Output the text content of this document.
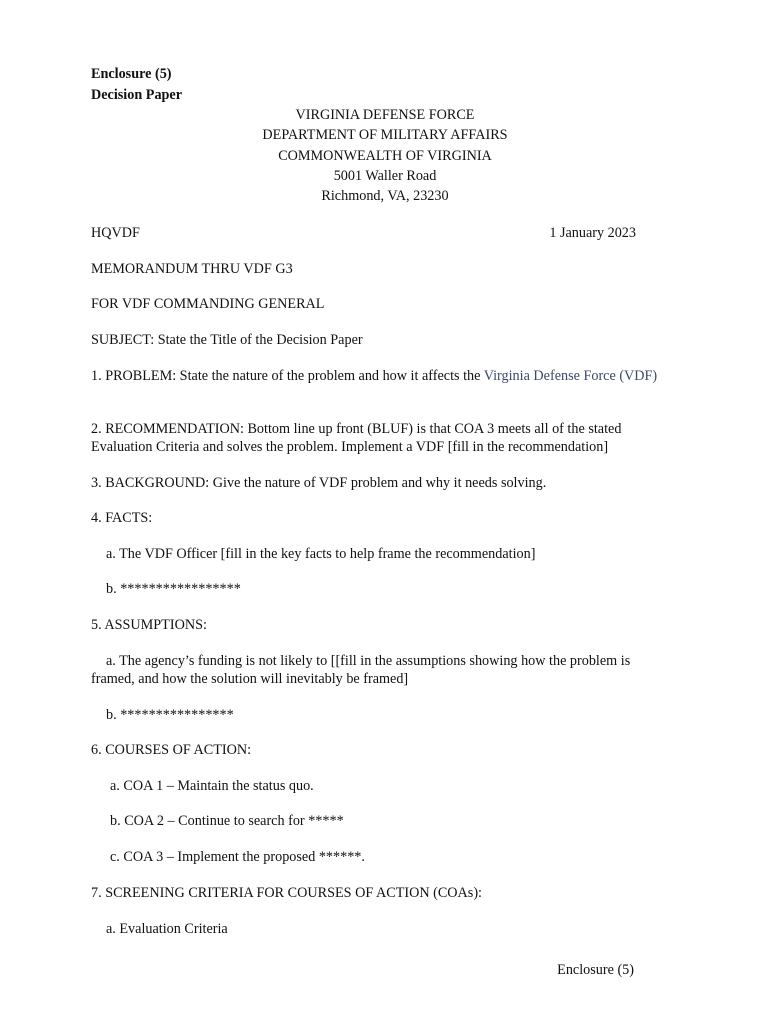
Enclosure (5)
Decision Paper
VIRGINIA DEFENSE FORCE
DEPARTMENT OF MILITARY AFFAIRS
COMMONWEALTH OF VIRGINIA
5001 Waller Road
Richmond, VA, 23230
HQVDF	1 January 2023
MEMORANDUM THRU VDF G3
FOR VDF COMMANDING GENERAL
SUBJECT: State the Title of the Decision Paper
1. PROBLEM: State the nature of the problem and how it affects the Virginia Defense Force (VDF)
2. RECOMMENDATION: Bottom line up front (BLUF) is that COA 3 meets all of the stated Evaluation Criteria and solves the problem. Implement a VDF [fill in the recommendation]
3. BACKGROUND: Give the nature of VDF problem and why it needs solving.
4. FACTS:
a. The VDF Officer [fill in the key facts to help frame the recommendation]
b. *****************
5. ASSUMPTIONS:
a. The agency’s funding is not likely to [[fill in the assumptions showing how the problem is framed, and how the solution will inevitably be framed]
b. ****************
6. COURSES OF ACTION:
a. COA 1 – Maintain the status quo.
b. COA 2 – Continue to search for *****
c. COA 3 – Implement the proposed ******.
7. SCREENING CRITERIA FOR COURSES OF ACTION (COAs):
a. Evaluation Criteria
Enclosure (5)
